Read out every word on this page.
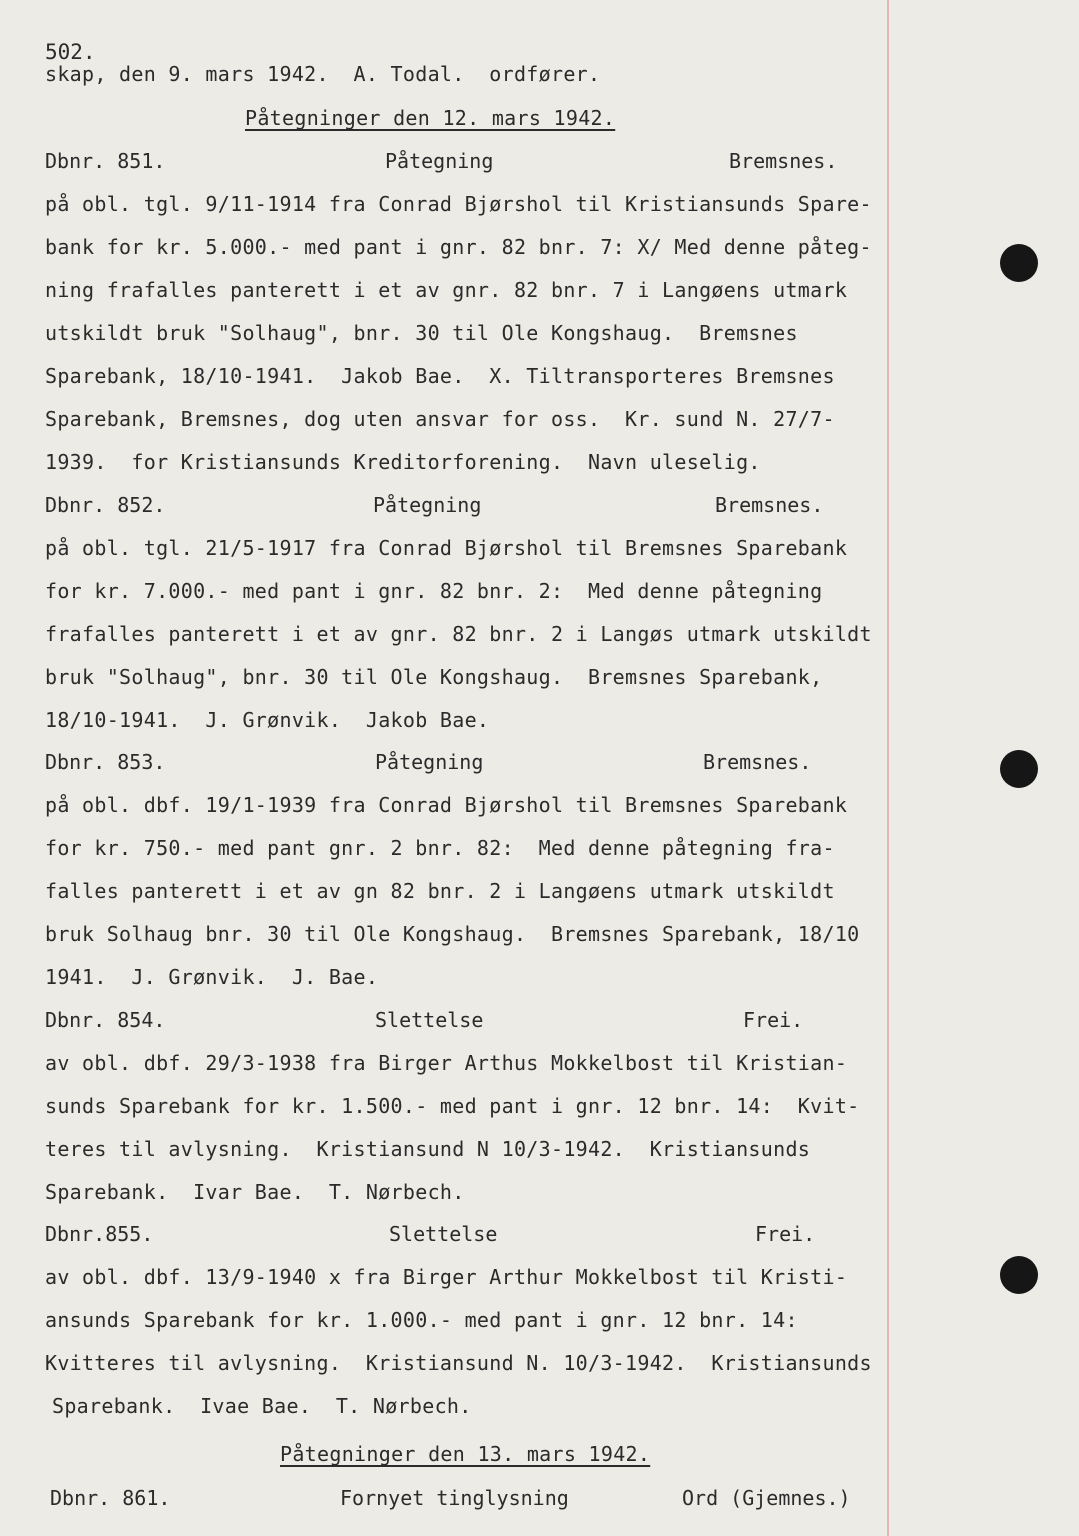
502.
skap, den 9. mars 1942.  A. Todal.  ordfører.
Påtegninger den 12. mars 1942.
Dbnr. 851.	Påtegning	Bremsnes.
på obl. tgl. 9/11-1914 fra Conrad Bjørshol til Kristiansunds Spare-
bank for kr. 5.000.- med pant i gnr. 82 bnr. 7: X/ Med denne påteg-
ning frafalles panterett i et av gnr. 82 bnr. 7 i Langøens utmark
utskildt bruk "Solhaug", bnr. 30 til Ole Kongshaug.  Bremsnes
Sparebank, 18/10-1941.  Jakob Bae.  X. Tiltransporteres Bremsnes
Sparebank, Bremsnes, dog uten ansvar for oss.  Kr. sund N. 27/7-
1939.  for Kristiansunds Kreditorforening.  Navn uleselig.
Dbnr. 852.	Påtegning	Bremsnes.
på obl. tgl. 21/5-1917 fra Conrad Bjørshol til Bremsnes Sparebank
for kr. 7.000.- med pant i gnr. 82 bnr. 2:  Med denne påtegning
frafalles panterett i et av gnr. 82 bnr. 2 i Langøs utmark utskildt
bruk "Solhaug", bnr. 30 til Ole Kongshaug.  Bremsnes Sparebank,
18/10-1941.  J. Grønvik.  Jakob Bae.
Dbnr. 853.	Påtegning	Bremsnes.
på obl. dbf. 19/1-1939 fra Conrad Bjørshol til Bremsnes Sparebank
for kr. 750.- med pant gnr. 2 bnr. 82:  Med denne påtegning fra-
falles panterett i et av gn 82 bnr. 2 i Langøens utmark utskildt
bruk Solhaug bnr. 30 til Ole Kongshaug.  Bremsnes Sparebank, 18/10
1941.  J. Grønvik.  J. Bae.
Dbnr. 854.	Slettelse	Frei.
av obl. dbf. 29/3-1938 fra Birger Arthus Mokkelbost til Kristian-
sunds Sparebank for kr. 1.500.- med pant i gnr. 12 bnr. 14:  Kvit-
teres til avlysning.  Kristiansund N 10/3-1942.  Kristiansunds
Sparebank.  Ivar Bae.  T. Nørbech.
Dbnr.855.	Slettelse	Frei.
av obl. dbf. 13/9-1940 x fra Birger Arthur Mokkelbost til Kristi-
ansunds Sparebank for kr. 1.000.- med pant i gnr. 12 bnr. 14:
Kvitteres til avlysning.  Kristiansund N. 10/3-1942.  Kristiansunds
Sparebank.  Ivae Bae.  T. Nørbech.
Påtegninger den 13. mars 1942.
Dbnr. 861.	Fornyet tinglysning	Ord (Gjemnes.)
